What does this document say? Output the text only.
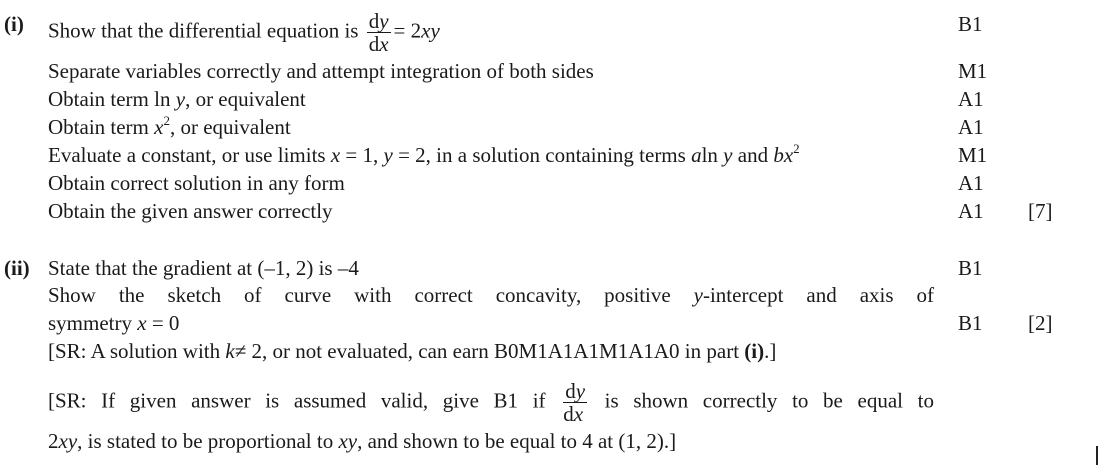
(i) Show that the differential equation is $\frac{dy}{dx} = 2xy$	B1
Separate variables correctly and attempt integration of both sides	M1
Obtain term ln y, or equivalent	A1
Obtain term $x^2$, or equivalent	A1
Evaluate a constant, or use limits x = 1, y = 2, in a solution containing terms aln y and $bx^2$	M1
Obtain correct solution in any form	A1
Obtain the given answer correctly	A1 [7]
(ii) State that the gradient at (–1, 2) is –4	B1
Show the sketch of curve with correct concavity, positive y-intercept and axis of
symmetry x = 0	B1 [2]
[SR: A solution with k≠ 2, or not evaluated, can earn B0M1A1A1M1A1A0 in part (i).]
[SR: If given answer is assumed valid, give B1 if $\frac{dy}{dx}$ is shown correctly to be equal to
2xy, is stated to be proportional to xy, and shown to be equal to 4 at (1, 2).]
